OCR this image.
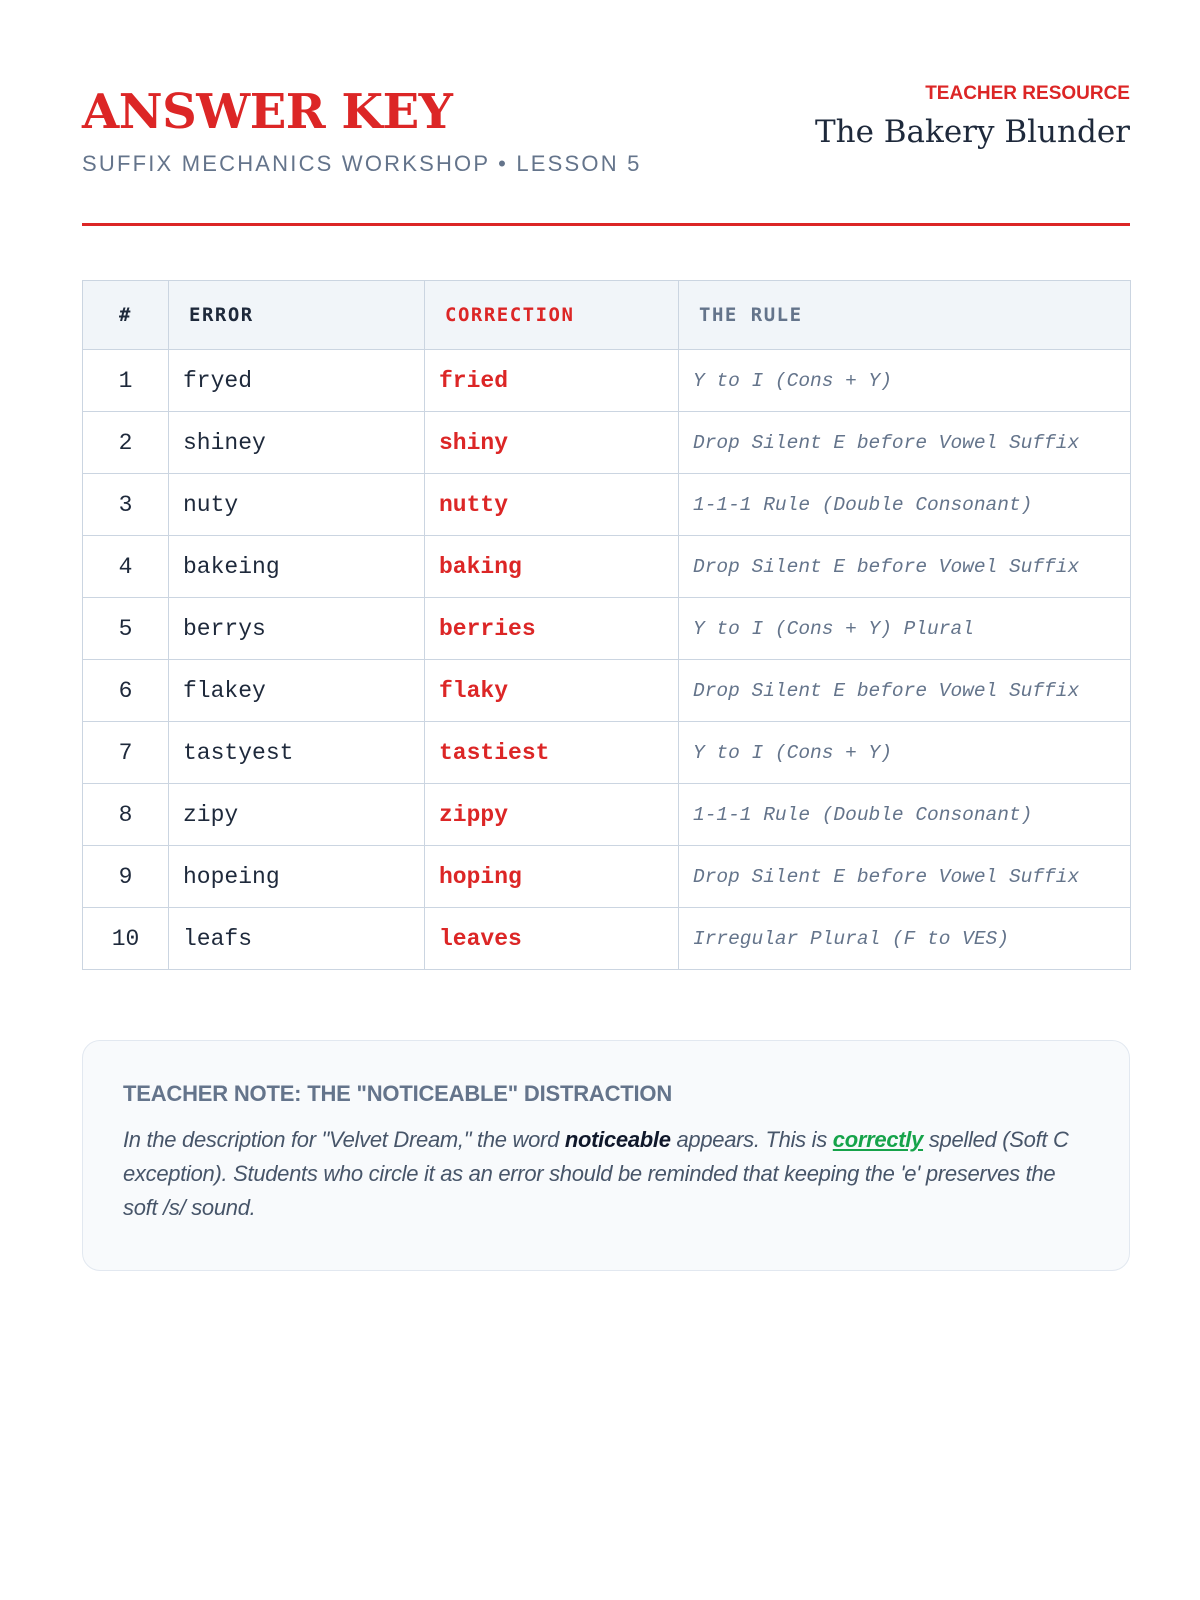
ANSWER KEY
SUFFIX MECHANICS WORKSHOP • LESSON 5
TEACHER RESOURCE
The Bakery Blunder
#	ERROR	CORRECTION	THE RULE
1	fryed	fried	Y to I (Cons + Y)
2	shiney	shiny	Drop Silent E before Vowel Suffix
3	nuty	nutty	1-1-1 Rule (Double Consonant)
4	bakeing	baking	Drop Silent E before Vowel Suffix
5	berrys	berries	Y to I (Cons + Y) Plural
6	flakey	flaky	Drop Silent E before Vowel Suffix
7	tastyest	tastiest	Y to I (Cons + Y)
8	zipy	zippy	1-1-1 Rule (Double Consonant)
9	hopeing	hoping	Drop Silent E before Vowel Suffix
10	leafs	leaves	Irregular Plural (F to VES)
TEACHER NOTE: THE "NOTICEABLE" DISTRACTION

In the description for "Velvet Dream," the word noticeable appears. This is correctly spelled (Soft C exception). Students who circle it as an error should be reminded that keeping the 'e' preserves the soft /s/ sound.
